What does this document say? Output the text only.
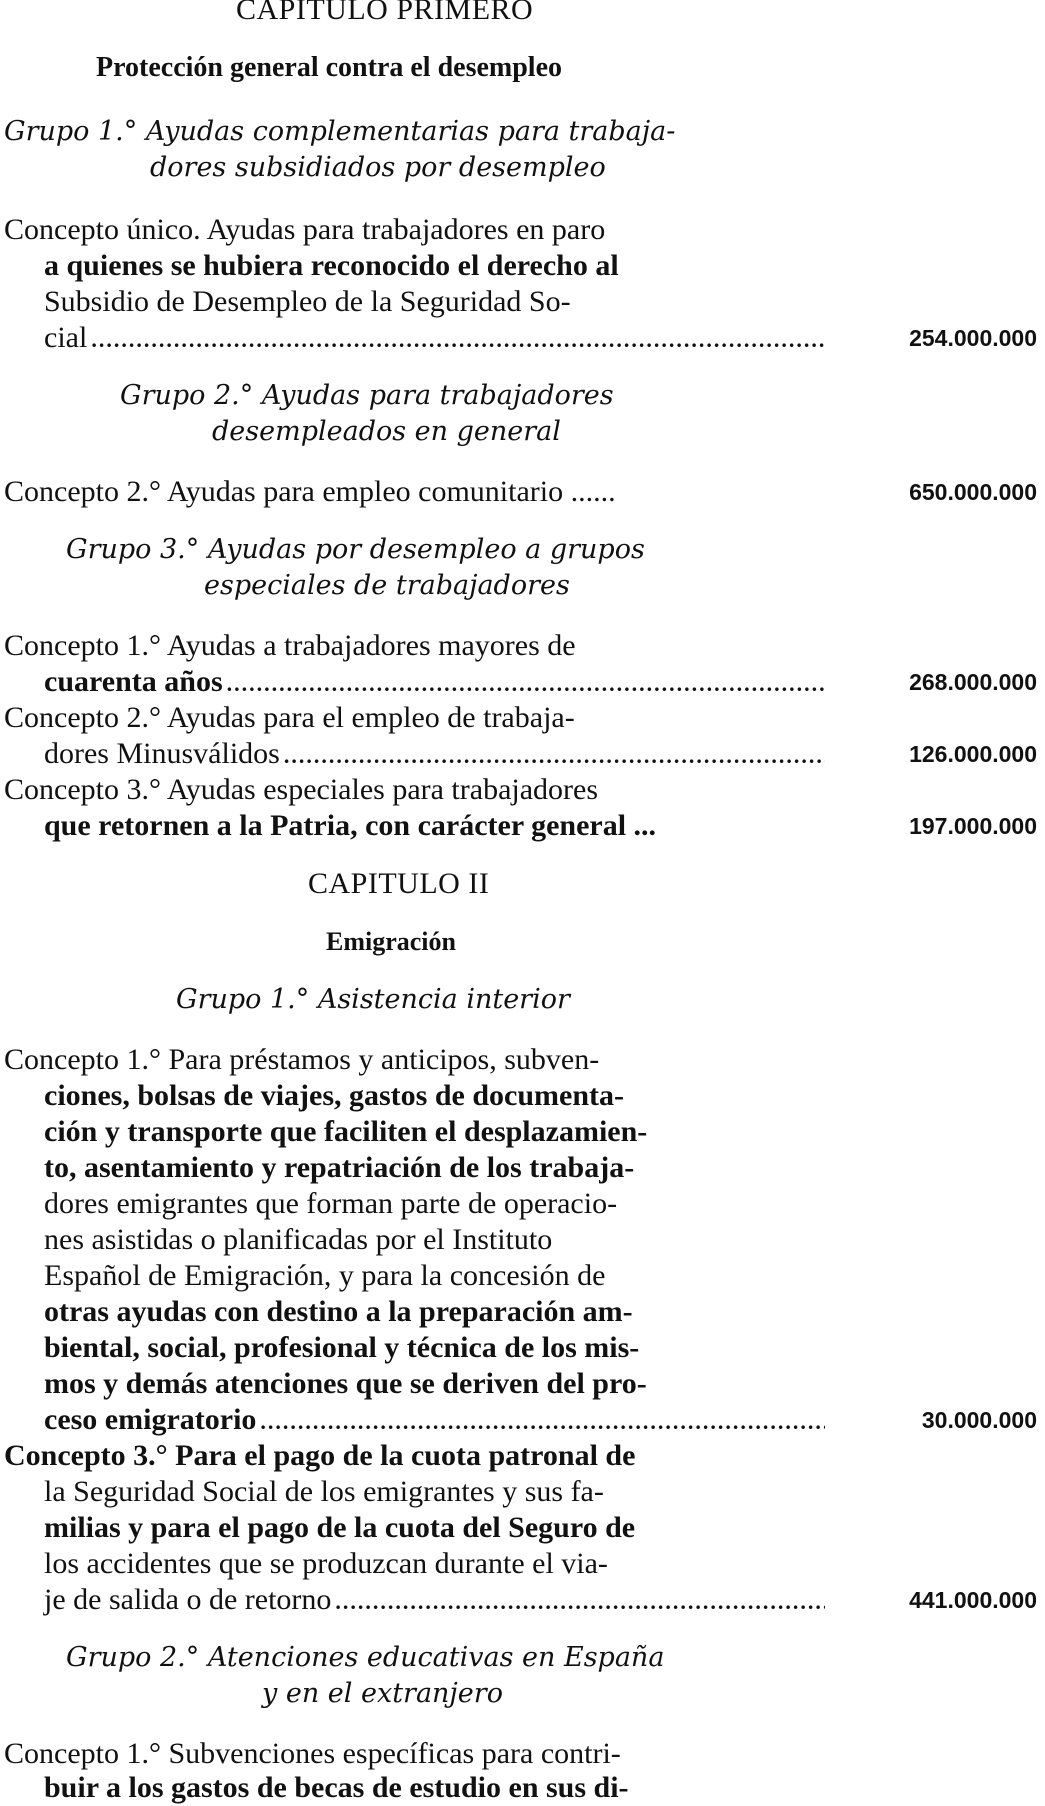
CAPITULO PRIMERO
Protección general contra el desempleo
Grupo 1.° Ayudas complementarias para trabaja-
dores subsidiados por desempleo
Concepto único. Ayudas para trabajadores en paro
a quienes se hubiera reconocido el derecho al
Subsidio de Desempleo de la Seguridad So-
cial .....	254.000.000
Grupo 2.° Ayudas para trabajadores
desempleados en general
Concepto 2.° Ayudas para empleo comunitario ......	650.000.000
Grupo 3.° Ayudas por desempleo a grupos
especiales de trabajadores
Concepto 1.° Ayudas a trabajadores mayores de
cuarenta años .....	268.000.000
Concepto 2.° Ayudas para el empleo de trabaja-
dores Minusválidos .....	126.000.000
Concepto 3.° Ayudas especiales para trabajadores
que retornen a la Patria, con carácter general ...	197.000.000
CAPITULO II
Emigración
Grupo 1.° Asistencia interior
Concepto 1.° Para préstamos y anticipos, subven-
ciones, bolsas de viajes, gastos de documenta-
ción y transporte que faciliten el desplazamien-
to, asentamiento y repatriación de los trabaja-
dores emigrantes que forman parte de operacio-
nes asistidas o planificadas por el Instituto
Español de Emigración, y para la concesión de
otras ayudas con destino a la preparación am-
biental, social, profesional y técnica de los mis-
mos y demás atenciones que se deriven del pro-
ceso emigratorio .....	30.000.000
Concepto 3.° Para el pago de la cuota patronal de
la Seguridad Social de los emigrantes y sus fa-
milias y para el pago de la cuota del Seguro de
los accidentes que se produzcan durante el via-
je de salida o de retorno .....	441.000.000
Grupo 2.° Atenciones educativas en España
y en el extranjero
Concepto 1.° Subvenciones específicas para contri-
buir a los gastos de becas de estudio en sus di-
